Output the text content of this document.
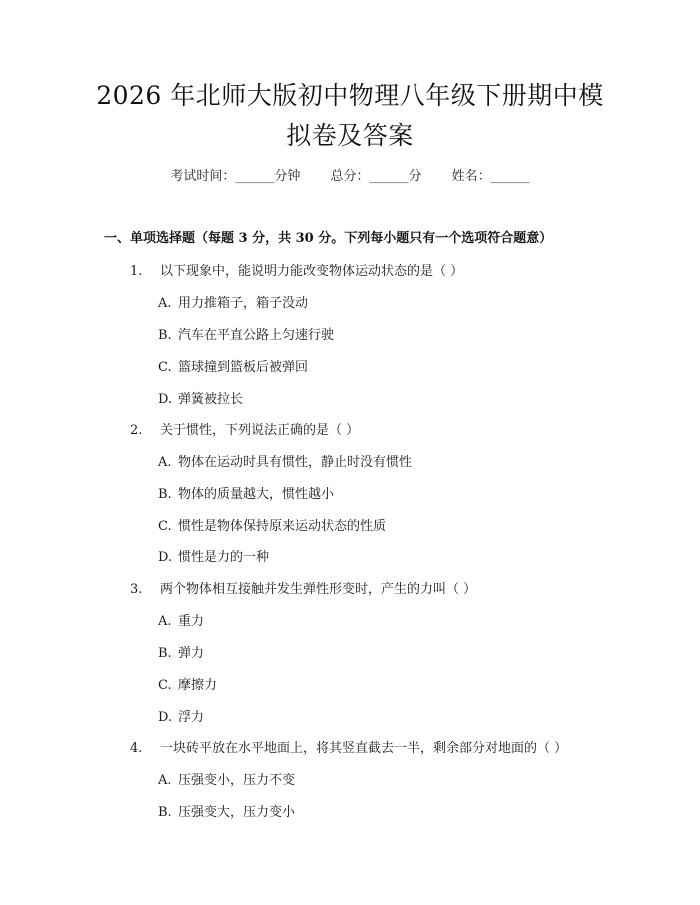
2026 年北师大版初中物理八年级下册期中模
拟卷及答案
考试时间：______分钟 总分：______分 姓名：______
一、单项选择题（每题 3 分，共 30 分。下列每小题只有一个选项符合题意）
1. 以下现象中，能说明力能改变物体运动状态的是（ ）
A. 用力推箱子，箱子没动
B. 汽车在平直公路上匀速行驶
C. 篮球撞到篮板后被弹回
D. 弹簧被拉长
2. 关于惯性，下列说法正确的是（ ）
A. 物体在运动时具有惯性，静止时没有惯性
B. 物体的质量越大，惯性越小
C. 惯性是物体保持原来运动状态的性质
D. 惯性是力的一种
3. 两个物体相互接触并发生弹性形变时，产生的力叫（ ）
A. 重力
B. 弹力
C. 摩擦力
D. 浮力
4. 一块砖平放在水平地面上，将其竖直截去一半，剩余部分对地面的（ ）
A. 压强变小，压力不变
B. 压强变大，压力变小
